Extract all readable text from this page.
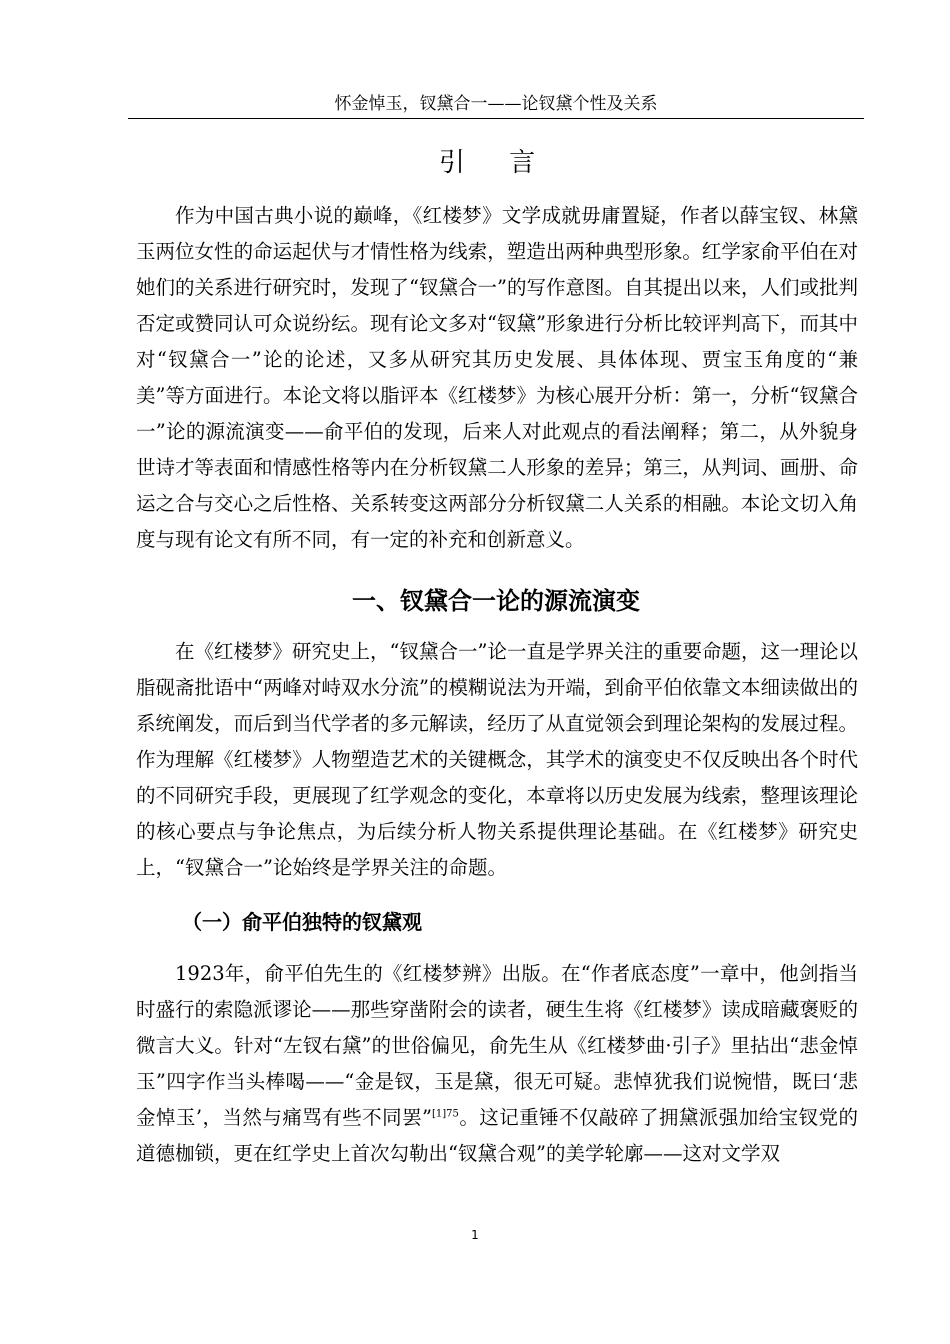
怀金悼玉，钗黛合一——论钗黛个性及关系
引 言

作为中国古典小说的巅峰，《红楼梦》文学成就毋庸置疑，作者以薛宝钗、林黛玉两位女性的命运起伏与才情性格为线索，塑造出两种典型形象。红学家俞平伯在对她们的关系进行研究时，发现了“钗黛合一”的写作意图。自其提出以来，人们或批判否定或赞同认可众说纷纭。现有论文多对“钗黛”形象进行分析比较评判高下，而其中对“钗黛合一”论的论述，又多从研究其历史发展、具体体现、贾宝玉角度的“兼美”等方面进行。本论文将以脂评本《红楼梦》为核心展开分析：第一，分析“钗黛合一”论的源流演变——俞平伯的发现，后来人对此观点的看法阐释；第二，从外貌身世诗才等表面和情感性格等内在分析钗黛二人形象的差异；第三，从判词、画册、命运之合与交心之后性格、关系转变这两部分分析钗黛二人关系的相融。本论文切入角度与现有论文有所不同，有一定的补充和创新意义。

一、钗黛合一论的源流演变

在《红楼梦》研究史上，“钗黛合一”论一直是学界关注的重要命题，这一理论以脂砚斋批语中“两峰对峙双水分流”的模糊说法为开端，到俞平伯依靠文本细读做出的系统阐发，而后到当代学者的多元解读，经历了从直觉领会到理论架构的发展过程。作为理解《红楼梦》人物塑造艺术的关键概念，其学术的演变史不仅反映出各个时代的不同研究手段，更展现了红学观念的变化，本章将以历史发展为线索，整理该理论的核心要点与争论焦点，为后续分析人物关系提供理论基础。在《红楼梦》研究史上，“钗黛合一”论始终是学界关注的命题。

（一）俞平伯独特的钗黛观

1923年，俞平伯先生的《红楼梦辨》出版。在“作者底态度”一章中，他剑指当时盛行的索隐派谬论——那些穿凿附会的读者，硬生生将《红楼梦》读成暗藏褒贬的微言大义。针对“左钗右黛”的世俗偏见，俞先生从《红楼梦曲·引子》里拈出“悲金悼玉”四字作当头棒喝——“金是钗，玉是黛，很无可疑。悲悼犹我们说惋惜，既曰‘悲金悼玉’，当然与痛骂有些不同罢”$^{[1]75}$。这记重锤不仅敲碎了拥黛派强加给宝钗党的道德枷锁，更在红学史上首次勾勒出“钗黛合观”的美学轮廓——这对文学双

1
